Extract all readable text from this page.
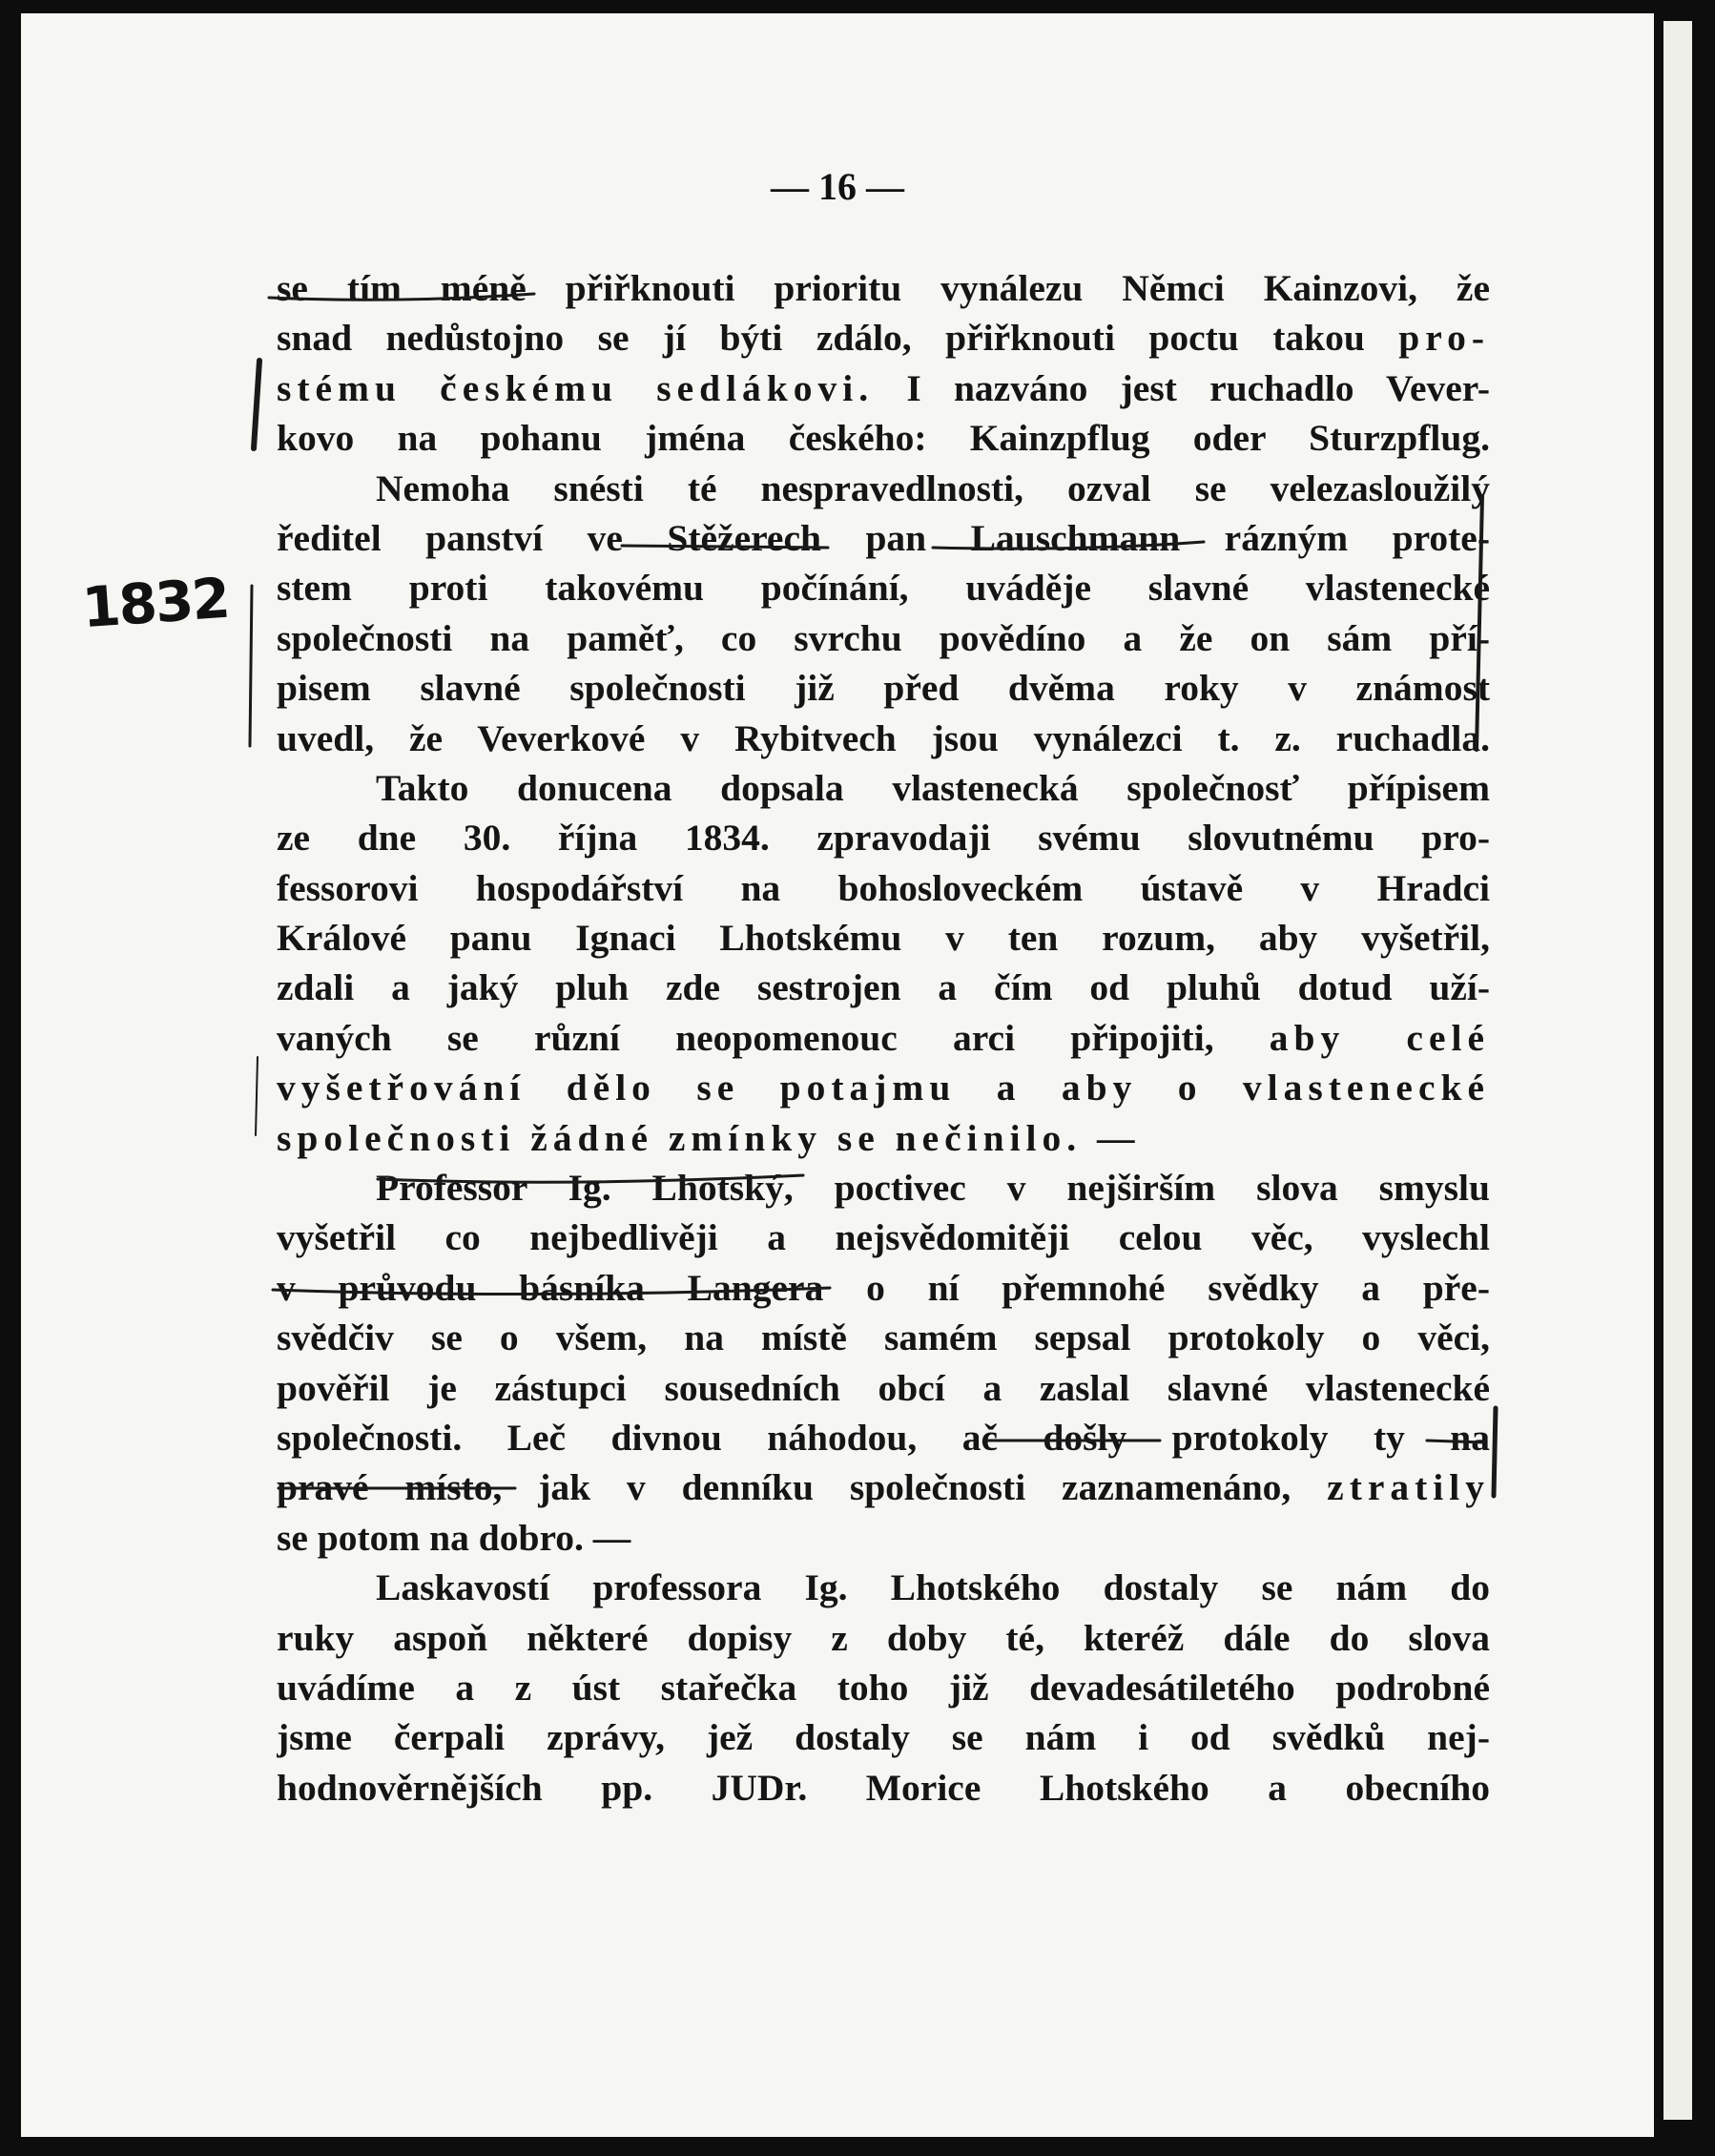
— 16 —
se tím méně přiřknouti prioritu vynálezu Němci Kainzovi, že
snad nedůstojno se jí býti zdálo, přiřknouti poctu takou pro-
stému českému sedlákovi. I nazváno jest ruchadlo Vever-
kovo na pohanu jména českého: Kainzpflug oder Sturzpflug.
Nemoha snésti té nespravedlnosti, ozval se velezasloužilý
ředitel panství ve Stěžerech pan Lauschmann rázným prote-
stem proti takovému počínání, uváděje slavné vlastenecké
společnosti na paměť, co svrchu povědíno a že on sám pří-
pisem slavné společnosti již před dvěma roky v známost
uvedl, že Veverkové v Rybitvech jsou vynálezci t. z. ruchadla.
Takto donucena dopsala vlastenecká společnosť přípisem
ze dne 30. října 1834. zpravodaji svému slovutnému pro-
fessorovi hospodářství na bohosloveckém ústavě v Hradci
Králové panu Ignaci Lhotskému v ten rozum, aby vyšetřil,
zdali a jaký pluh zde sestrojen a čím od pluhů dotud uží-
vaných se různí neopomenouc arci připojiti, aby celé
vyšetřování dělo se potajmu a aby o vlastenecké
společnosti žádné zmínky se nečinilo. —
Professor Ig. Lhotský, poctivec v nejširším slova smyslu
vyšetřil co nejbedlivěji a nejsvědomitěji celou věc, vyslechl
v průvodu básníka Langera o ní přemnohé svědky a pře-
svědčiv se o všem, na místě samém sepsal protokoly o věci,
pověřil je zástupci sousedních obcí a zaslal slavné vlastenecké
společnosti. Leč divnou náhodou, ač došly protokoly ty na
pravé místo, jak v denníku společnosti zaznamenáno, ztratily
se potom na dobro. —
Laskavostí professora Ig. Lhotského dostaly se nám do
ruky aspoň některé dopisy z doby té, kteréž dále do slova
uvádíme a z úst stařečka toho již devadesátiletého podrobné
jsme čerpali zprávy, jež dostaly se nám i od svědků nej-
hodnověrnějších pp. JUDr. Morice Lhotského a obecního
1832
